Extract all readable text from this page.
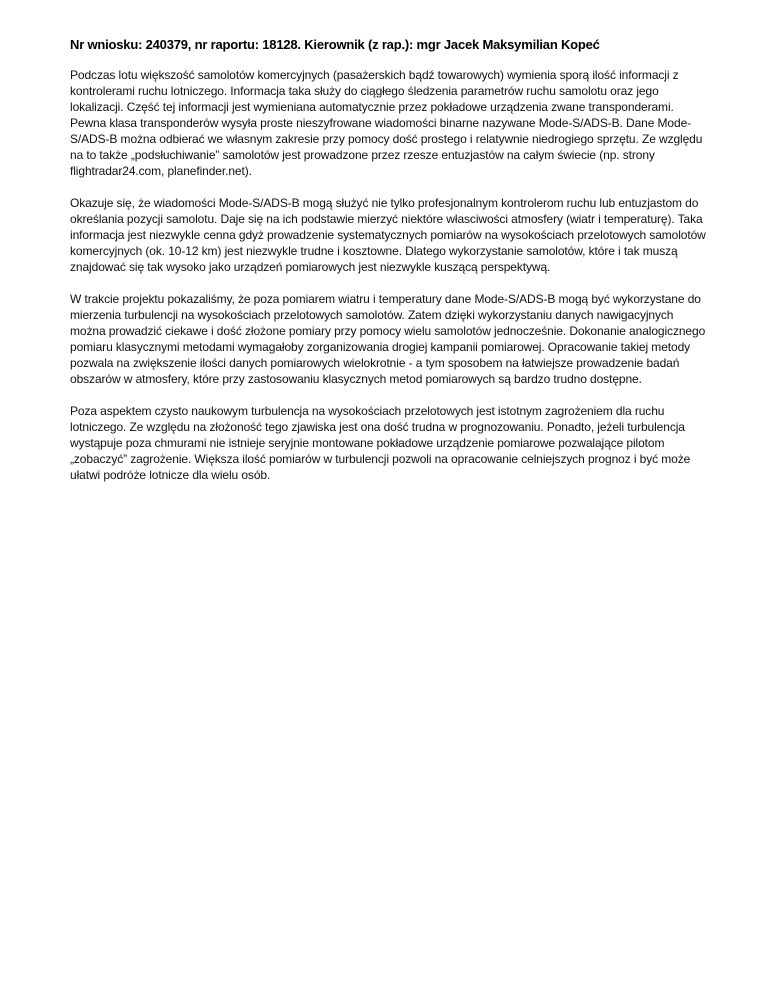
Nr wniosku: 240379, nr raportu: 18128. Kierownik (z rap.): mgr Jacek Maksymilian Kopeć

Podczas lotu większość samolotów komercyjnych (pasażerskich bądź towarowych) wymienia sporą ilość informacji z kontrolerami ruchu lotniczego. Informacja taka służy do ciągłego śledzenia parametrów ruchu samolotu oraz jego lokalizacji. Część tej informacji jest wymieniana automatycznie przez pokładowe urządzenia zwane transponderami. Pewna klasa transponderów wysyła proste nieszyfrowane wiadomości binarne nazywane Mode-S/ADS-B. Dane Mode-S/ADS-B można odbierać we własnym zakresie przy pomocy dość prostego i relatywnie niedrogiego sprzętu. Ze względu na to także „podsłuchiwanie” samolotów jest prowadzone przez rzesze entuzjastów na całym świecie (np. strony flightradar24.com, planefinder.net).

Okazuje się, że wiadomości Mode-S/ADS-B mogą służyć nie tylko profesjonalnym kontrolerom ruchu lub entuzjastom do określania pozycji samolotu. Daje się na ich podstawie mierzyć niektóre własciwości atmosfery (wiatr i temperaturę). Taka informacja jest niezwykle cenna gdyż prowadzenie systematycznych pomiarów na wysokościach przelotowych samolotów komercyjnych (ok. 10-12 km) jest niezwykle trudne i kosztowne. Dlatego wykorzystanie samolotów, które i tak muszą znajdować się tak wysoko jako urządzeń pomiarowych jest niezwykle kuszącą perspektywą.

W trakcie projektu pokazaliśmy, że poza pomiarem wiatru i temperatury dane Mode-S/ADS-B mogą być wykorzystane do mierzenia turbulencji na wysokościach przelotowych samolotów. Zatem dzięki wykorzystaniu danych nawigacyjnych można prowadzić ciekawe i dość złożone pomiary przy pomocy wielu samolotów jednocześnie. Dokonanie analogicznego pomiaru klasycznymi metodami wymagałoby zorganizowania drogiej kampanii pomiarowej. Opracowanie takiej metody pozwala na zwiększenie ilości danych pomiarowych wielokrotnie - a tym sposobem na łatwiejsze prowadzenie badań obszarów w atmosfery, które przy zastosowaniu klasycznych metod pomiarowych są bardzo trudno dostępne.

Poza aspektem czysto naukowym turbulencja na wysokościach przelotowych jest istotnym zagrożeniem dla ruchu lotniczego. Ze względu na złożoność tego zjawiska jest ona dość trudna w prognozowaniu. Ponadto, jeżeli turbulencja wystąpuje poza chmurami nie istnieje seryjnie montowane pokładowe urządzenie pomiarowe pozwalające pilotom „zobaczyć” zagrożenie. Większa ilość pomiarów w turbulencji pozwoli na opracowanie celniejszych prognoz i być może ułatwi podróże lotnicze dla wielu osób.
